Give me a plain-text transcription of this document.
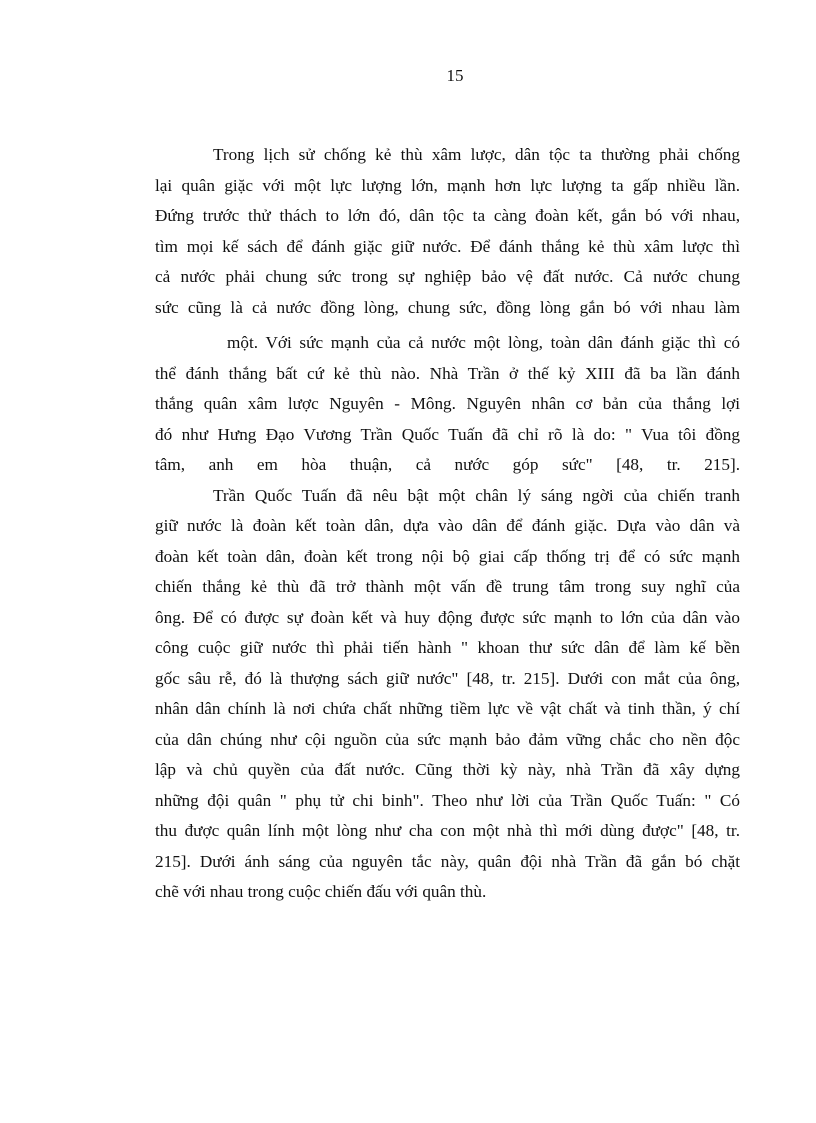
15

Trong lịch sử chống kẻ thù xâm lược, dân tộc ta thường phải chống
lại quân giặc với một lực lượng lớn, mạnh hơn lực lượng ta gấp nhiều lần.
Đứng trước thử thách to lớn đó, dân tộc ta càng đoàn kết, gắn bó với nhau,
tìm mọi kế sách để đánh giặc giữ nước. Để đánh thắng kẻ thù xâm lược thì
cả nước phải chung sức trong sự nghiệp bảo vệ đất nước. Cả nước chung
sức cũng là cả nước đồng lòng, chung sức, đồng lòng gắn bó với nhau làm

một. Với sức mạnh của cả nước một lòng, toàn dân đánh giặc thì có
thể đánh thắng bất cứ kẻ thù nào. Nhà Trần ở thế kỷ XIII đã ba lần đánh
thắng quân xâm lược Nguyên - Mông. Nguyên nhân cơ bản của thắng lợi
đó như Hưng Đạo Vương Trần Quốc Tuấn đã chỉ rõ là do: " Vua tôi đồng
tâm, anh em hòa thuận, cả nước góp sức" [48, tr. 215].

Trần Quốc Tuấn đã nêu bật một chân lý sáng ngời của chiến tranh
giữ nước là đoàn kết toàn dân, dựa vào dân để đánh giặc. Dựa vào dân và
đoàn kết toàn dân, đoàn kết trong nội bộ giai cấp thống trị để có sức mạnh
chiến thắng kẻ thù đã trở thành một vấn đề trung tâm trong suy nghĩ của
ông. Để có được sự đoàn kết và huy động được sức mạnh to lớn của dân vào
công cuộc giữ nước thì phải tiến hành " khoan thư sức dân để làm kế bền
gốc sâu rễ, đó là thượng sách giữ nước" [48, tr. 215]. Dưới con mắt của ông,
nhân dân chính là nơi chứa chất những tiềm lực về vật chất và tinh thần, ý chí
của dân chúng như cội nguồn của sức mạnh bảo đảm vững chắc cho nền độc
lập và chủ quyền của đất nước. Cũng thời kỳ này, nhà Trần đã xây dựng
những đội quân " phụ tử chi binh". Theo như lời của Trần Quốc Tuấn: " Có
thu được quân lính một lòng như cha con một nhà thì mới dùng được" [48, tr.
215]. Dưới ánh sáng của nguyên tắc này, quân đội nhà Trần đã gắn bó chặt
chẽ với nhau trong cuộc chiến đấu với quân thù.
